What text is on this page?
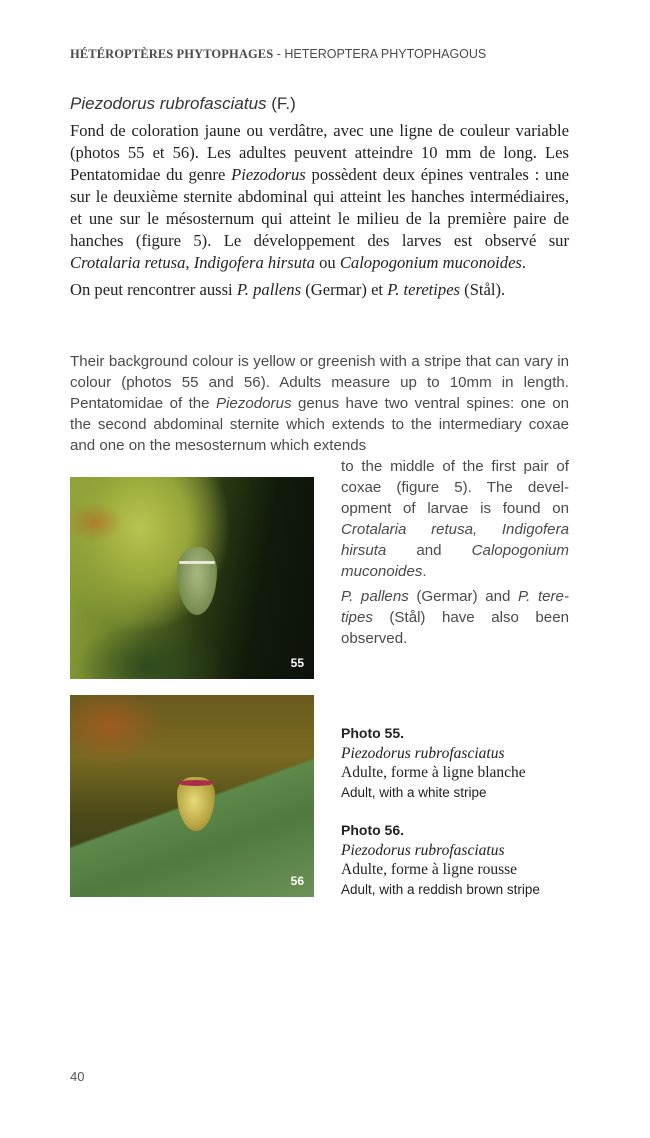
HÉTÉROPTÈRES PHYTOPHAGES - HETEROPTERA PHYTOPHAGOUS
Piezodorus rubrofasciatus (F.)

Fond de coloration jaune ou verdâtre, avec une ligne de couleur variable (photos 55 et 56). Les adultes peuvent atteindre 10 mm de long. Les Pentatomidae du genre Piezodorus possèdent deux épines ventrales : une sur le deuxième sternite abdominal qui atteint les hanches intermédiaires, et une sur le mésosternum qui atteint le milieu de la première paire de hanches (figure 5). Le développement des larves est observé sur Crotalaria retusa, Indigofera hirsuta ou Calopogonium muconoides.

On peut rencontrer aussi P. pallens (Germar) et P. teretipes (Stål).

Their background colour is yellow or greenish with a stripe that can vary in colour (photos 55 and 56). Adults measure up to 10mm in length. Pentatomidae of the Piezodorus genus have two ventral spines: one on the second abdominal sternite which extends to the intermediary coxae and one on the mesosternum which extends

to the middle of the first pair of coxae (figure 5). The development of larvae is found on Crotalaria retusa, Indigofera hirsuta and Calopogonium muconoides.

P. pallens (Germar) and P. teretipes (Stål) have also been observed.

55
56
Photo 55.
Piezodorus rubrofasciatus
Adulte, forme à ligne blanche
Adult, with a white stripe
Photo 56.
Piezodorus rubrofasciatus
Adulte, forme à ligne rousse
Adult, with a reddish brown stripe
40
